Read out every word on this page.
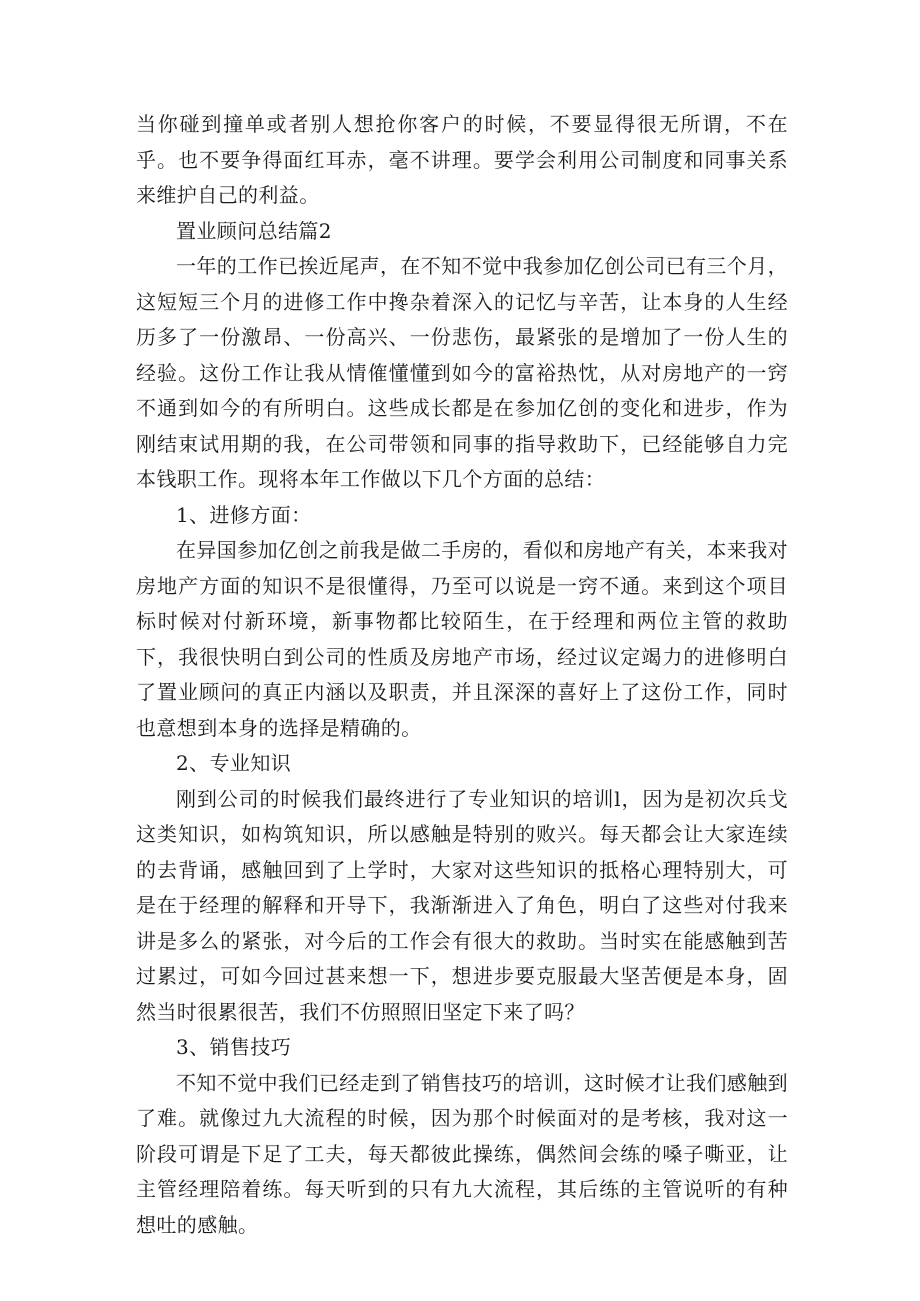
当你碰到撞单或者别人想抢你客户的时候，不要显得很无所谓，不在乎。也不要争得面红耳赤，毫不讲理。要学会利用公司制度和同事关系来维护自己的利益。

置业顾问总结篇2

一年的工作已挨近尾声，在不知不觉中我参加亿创公司已有三个月，这短短三个月的进修工作中搀杂着深入的记忆与辛苦，让本身的人生经历多了一份激昂、一份高兴、一份悲伤，最紧张的是增加了一份人生的经验。这份工作让我从情傕懂懂到如今的富裕热忱，从对房地产的一窍不通到如今的有所明白。这些成长都是在参加亿创的变化和进步，作为刚结束试用期的我，在公司带领和同事的指导救助下，已经能够自力完本钱职工作。现将本年工作做以下几个方面的总结：

1、进修方面：

在异国参加亿创之前我是做二手房的，看似和房地产有关，本来我对房地产方面的知识不是很懂得，乃至可以说是一窍不通。来到这个项目标时候对付新环境，新事物都比较陌生，在于经理和两位主管的救助下，我很快明白到公司的性质及房地产市场，经过议定竭力的进修明白了置业顾问的真正内涵以及职责，并且深深的喜好上了这份工作，同时也意想到本身的选择是精确的。

2、专业知识

刚到公司的时候我们最终进行了专业知识的培训l，因为是初次兵戈这类知识，如构筑知识，所以感触是特别的败兴。每天都会让大家连续的去背诵，感触回到了上学时，大家对这些知识的抵格心理特别大，可是在于经理的解释和开导下，我渐渐进入了角色，明白了这些对付我来讲是多么的紧张，对今后的工作会有很大的救助。当时实在能感触到苦过累过，可如今回过甚来想一下，想进步要克服最大坚苦便是本身，固然当时很累很苦，我们不仿照照旧坚定下来了吗？

3、销售技巧

不知不觉中我们已经走到了销售技巧的培训，这时候才让我们感触到了难。就像过九大流程的时候，因为那个时候面对的是考核，我对这一阶段可谓是下足了工夫，每天都彼此操练，偶然间会练的嗓子嘶亚，让主管经理陪着练。每天听到的只有九大流程，其后练的主管说听的有种想吐的感触。
